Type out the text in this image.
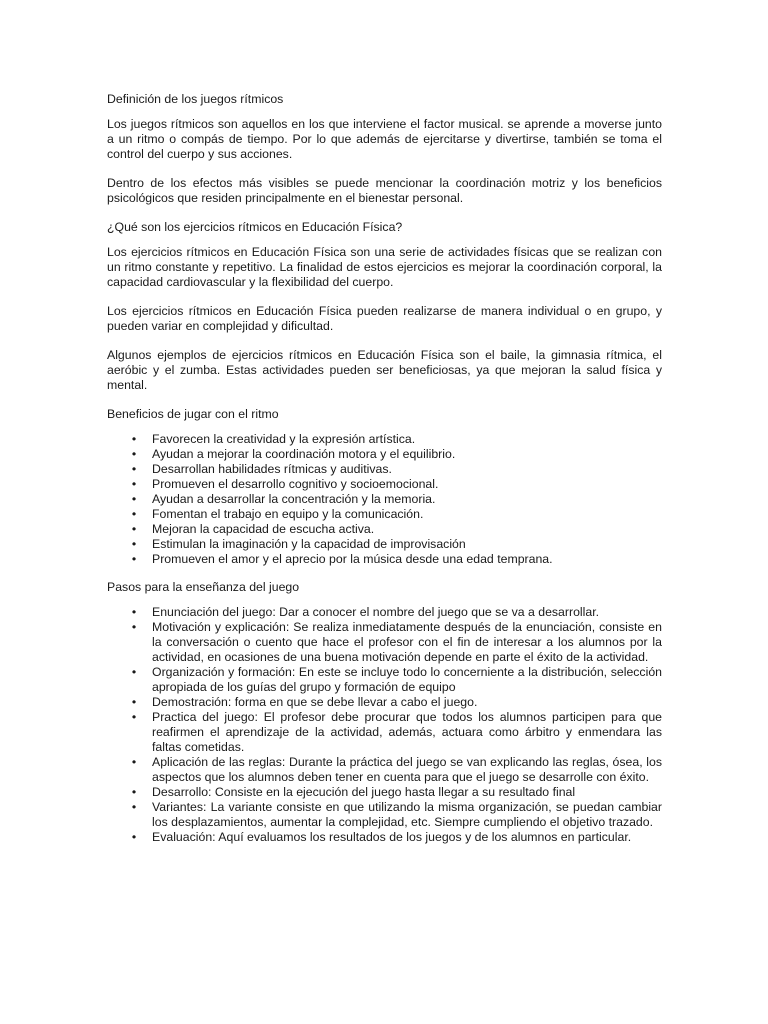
Definición de los juegos rítmicos

Los juegos rítmicos son aquellos en los que interviene el factor musical. se aprende a moverse junto a un ritmo o compás de tiempo. Por lo que además de ejercitarse y divertirse, también se toma el control del cuerpo y sus acciones.

Dentro de los efectos más visibles se puede mencionar la coordinación motriz y los beneficios psicológicos que residen principalmente en el bienestar personal.

¿Qué son los ejercicios rítmicos en Educación Física?

Los ejercicios rítmicos en Educación Física son una serie de actividades físicas que se realizan con un ritmo constante y repetitivo. La finalidad de estos ejercicios es mejorar la coordinación corporal, la capacidad cardiovascular y la flexibilidad del cuerpo.

Los ejercicios rítmicos en Educación Física pueden realizarse de manera individual o en grupo, y pueden variar en complejidad y dificultad.

Algunos ejemplos de ejercicios rítmicos en Educación Física son el baile, la gimnasia rítmica, el aeróbic y el zumba. Estas actividades pueden ser beneficiosas, ya que mejoran la salud física y mental.

Beneficios de jugar con el ritmo

•	Favorecen la creatividad y la expresión artística.
•	Ayudan a mejorar la coordinación motora y el equilibrio.
•	Desarrollan habilidades rítmicas y auditivas.
•	Promueven el desarrollo cognitivo y socioemocional.
•	Ayudan a desarrollar la concentración y la memoria.
•	Fomentan el trabajo en equipo y la comunicación.
•	Mejoran la capacidad de escucha activa.
•	Estimulan la imaginación y la capacidad de improvisación
•	Promueven el amor y el aprecio por la música desde una edad temprana.

Pasos para la enseñanza del juego

•	Enunciación del juego: Dar a conocer el nombre del juego que se va a desarrollar.
•	Motivación y explicación: Se realiza inmediatamente después de la enunciación, consiste en la conversación o cuento que hace el profesor con el fin de interesar a los alumnos por la actividad, en ocasiones de una buena motivación depende en parte el éxito de la actividad.
•	Organización y formación: En este se incluye todo lo concerniente a la distribución, selección apropiada de los guías del grupo y formación de equipo
•	Demostración: forma en que se debe llevar a cabo el juego.
•	Practica del juego: El profesor debe procurar que todos los alumnos participen para que reafirmen el aprendizaje de la actividad, además, actuara como árbitro y enmendara las faltas cometidas.
•	Aplicación de las reglas: Durante la práctica del juego se van explicando las reglas, ósea, los aspectos que los alumnos deben tener en cuenta para que el juego se desarrolle con éxito.
•	Desarrollo: Consiste en la ejecución del juego hasta llegar a su resultado final
•	Variantes: La variante consiste en que utilizando la misma organización, se puedan cambiar los desplazamientos, aumentar la complejidad, etc. Siempre cumpliendo el objetivo trazado.
•	Evaluación: Aquí evaluamos los resultados de los juegos y de los alumnos en particular.
